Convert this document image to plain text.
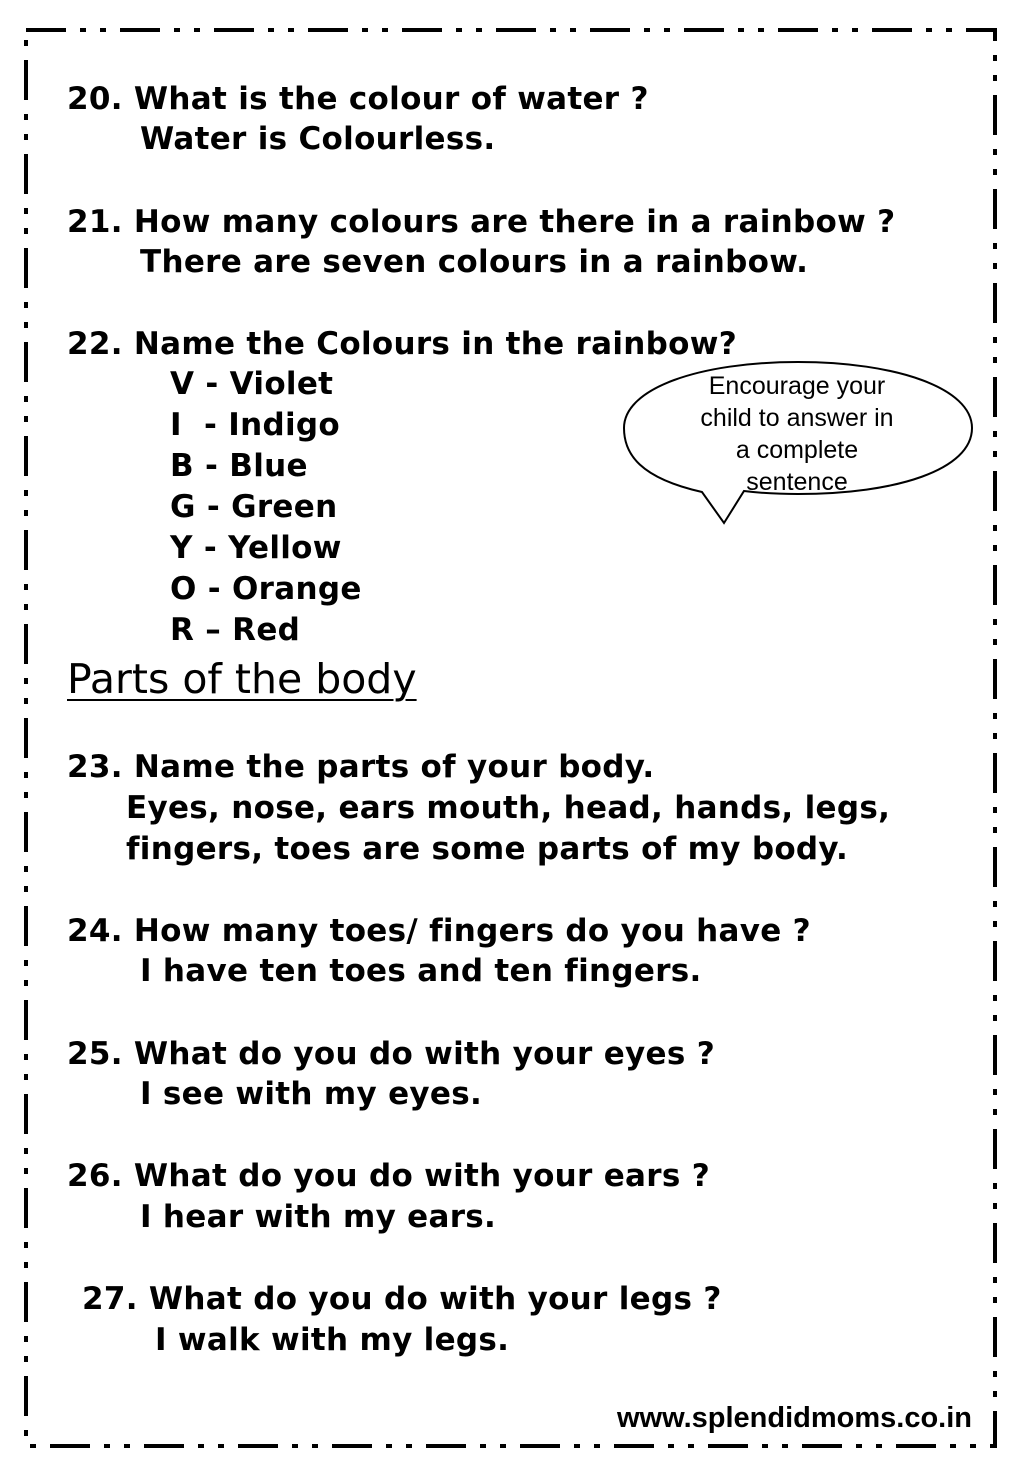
20. What is the colour of water ?
Water is Colourless.
21. How many colours are there in a rainbow ?
There are seven colours in a rainbow.
22. Name the Colours in the rainbow?
V - Violet
I  - Indigo
B - Blue
G - Green
Y - Yellow
O - Orange
R – Red
Encourage your
child to answer in
a complete
sentence
Parts of the body
23. Name the parts of your body.
Eyes, nose, ears mouth, head, hands, legs,
fingers, toes are some parts of my body.
24. How many toes/ fingers do you have ?
I have ten toes and ten fingers.
25. What do you do with your eyes ?
I see with my eyes.
26. What do you do with your ears ?
I hear with my ears.
27. What do you do with your legs ?
I walk with my legs.
www.splendidmoms.co.in
